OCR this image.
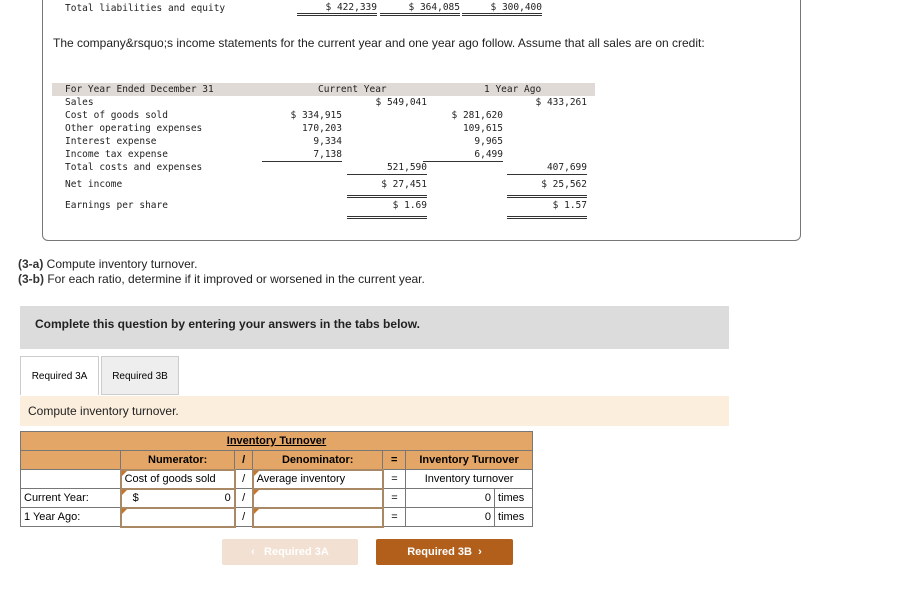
Total liabilities and equity	$ 422,339	$ 364,085	$ 300,400
The company&rsquo;s income statements for the current year and one year ago follow. Assume that all sales are on credit:
For Year Ended December 31	Current Year	1 Year Ago
Sales	$ 549,041	$ 433,261
Cost of goods sold	$ 334,915	$ 281,620
Other operating expenses	170,203	109,615
Interest expense	9,334	9,965
Income tax expense	7,138	6,499
Total costs and expenses	521,590	407,699
Net income	$ 27,451	$ 25,562
Earnings per share	$ 1.69	$ 1.57
(3-a) Compute inventory turnover.
(3-b) For each ratio, determine if it improved or worsened in the current year.
Complete this question by entering your answers in the tabs below.
Required 3A	Required 3B
Compute inventory turnover.
Inventory Turnover						
	Numerator:	/	Denominator:	=	Inventory Turnover	
	Cost of goods sold	/	Average inventory	=	Inventory turnover	
Current Year:	$ 0	/		=	0	times
1 Year Ago:		/		=	0	times
‹   Required 3A	Required 3B  ›
